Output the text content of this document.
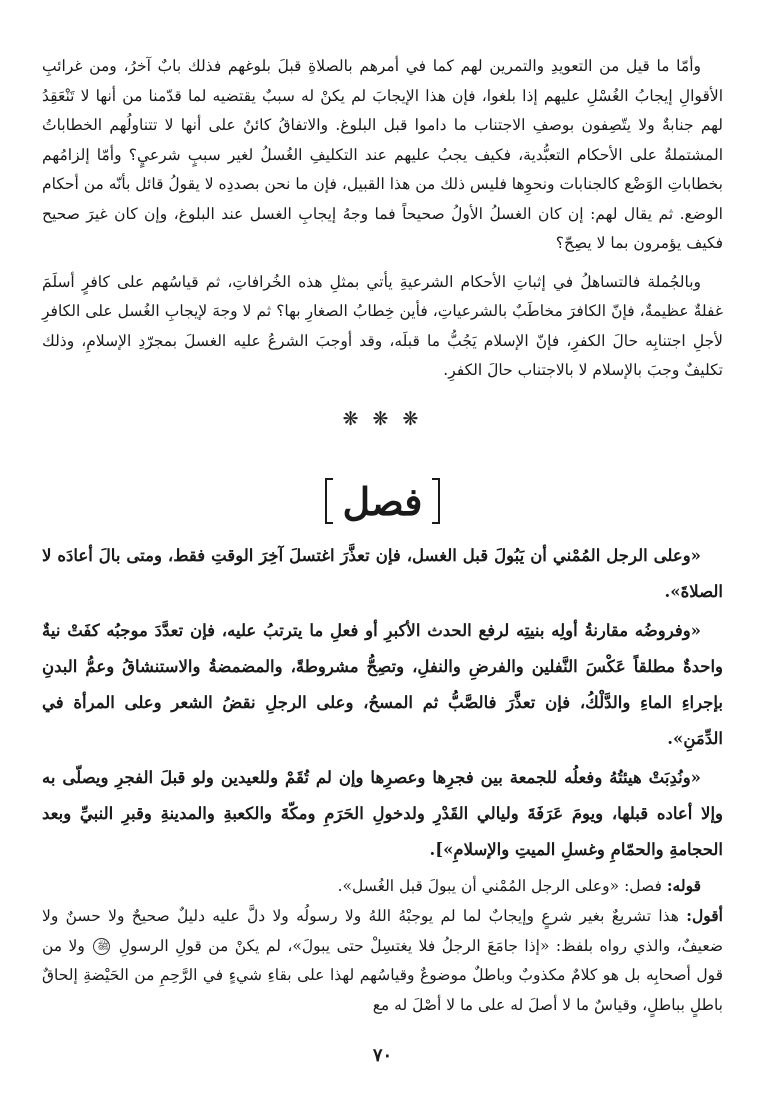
وأمّا ما قيل من التعويدِ والتمرين لهم كما في أمرهم بالصلاةِ قبلَ بلوغهم فذلك بابٌ آخرُ، ومن غرائبِ الأقوالِ إيجابُ الغُسْلِ عليهم إذا بلغوا، فإن هذا الإيجابَ لم يكنْ له سببٌ يقتضيه لما قدّمنا من أنها لا تَنْعَقِدُ لهم جنابةٌ ولا يتّصِفون بوصفِ الاجتناب ما داموا قبل البلوغ. والاتفاقُ كائنٌ على أنها لا تتناولُهم الخطاباتُ المشتملةُ على الأحكام التعبُّدية، فكيف يجبُ عليهم عند التكليفِ الغُسلُ لغير سببٍ شرعيٍ؟ وأمّا إلزامُهم بخطاباتِ الوَضْع كالجنابات ونحوِها فليس ذلك من هذا القبيل، فإن ما نحن بصددِه لا يقولُ قائل بأنّه من أحكام الوضع. ثم يقال لهم: إن كان الغسلُ الأولُ صحيحاً فما وجهُ إيجابِ الغسل عند البلوغ، وإن كان غيرَ صحيح فكيف يؤمرون بما لا يصِحّ؟

وبالجُملة فالتساهلُ في إثباتِ الأحكام الشرعيةِ يأتي بمثلِ هذه الخُرافاتِ، ثم قياسُهم على كافرٍ أسلَمَ غفلةٌ عظيمةٌ، فإنّ الكافرَ مخاطَبٌ بالشرعياتِ، فأين خِطابُ الصغارِ بها؟ ثم لا وجهَ لإيجابِ الغُسل على الكافرِ لأجلِ اجتنابِه حالَ الكفرِ، فإنّ الإسلام يَجُبُّ ما قبلَه، وقد أوجبَ الشرعُ عليه الغسلَ بمجرّدِ الإسلامِ، وذلك تكليفٌ وجبَ بالإسلام لا بالاجتناب حالَ الكفرِ.

❋ ❋ ❋
فصل

«وعلى الرجل المُمْني أن يَبُولَ قبل الغسل، فإن تعذَّرَ اغتسلَ آخِرَ الوقتِ فقط، ومتى بالَ أعادَه لا الصلاةَ».

«وفروضُه مقارنةُ أولِه بنيتِه لرفع الحدث الأكبرِ أو فعلِ ما يترتبُ عليه، فإن تعدَّدَ موجبُه كفَتْ نيةٌ واحدةٌ مطلقاً عَكْسَ النَّفلين والفرضِ والنفلِ، وتصِحُّ مشروطةً، والمضمضةُ والاستنشاقُ وعمُّ البدنِ بإجراءِ الماءِ والدَّلْكُ، فإن تعذَّرَ فالصَّبُّ ثم المسحُ، وعلى الرجلِ نقضُ الشعر وعلى المرأة في الدِّمَنِ».

«ونُدِبَتْ هيئتُهُ وفعلُه للجمعة بين فجرِها وعصرِها وإن لم تُقَمْ وللعيدين ولو قبلَ الفجرِ ويصلّى به وإلا أعاده قبلها، ويومَ عَرَفَةَ وليالي القَدْرِ ولدخولِ الحَرَمِ ومكّةَ والكعبةِ والمدينةِ وقبرِ النبيِّ وبعد الحجامةِ والحمّامِ وغسلِ الميتِ والإسلامِ»].

قوله: فصل: «وعلى الرجل المُمْني أن يبولَ قبل الغُسل».

أقول: هذا تشريعٌ بغير شرعٍ وإيجابٌ لما لم يوجبْهُ اللهُ ولا رسولُه ولا دلَّ عليه دليلٌ صحيحٌ ولا حسنٌ ولا ضعيفٌ، والذي رواه بلفظ: «إذا جامَعَ الرجلُ فلا يغتسِلْ حتى يبولَ»، لم يكنْ من قولِ الرسولِ ﷺ ولا من قول أصحابِه بل هو كلامٌ مكذوبٌ وباطلٌ موضوعٌ وقياسُهم لهذا على بقاءِ شيءٍ في الرَّحِمِ من الحَيْضةِ إلحاقٌ باطلٍ بباطلٍ، وقياسٌ ما لا أصلَ له على ما لا أصْلَ له مع

٧٠
